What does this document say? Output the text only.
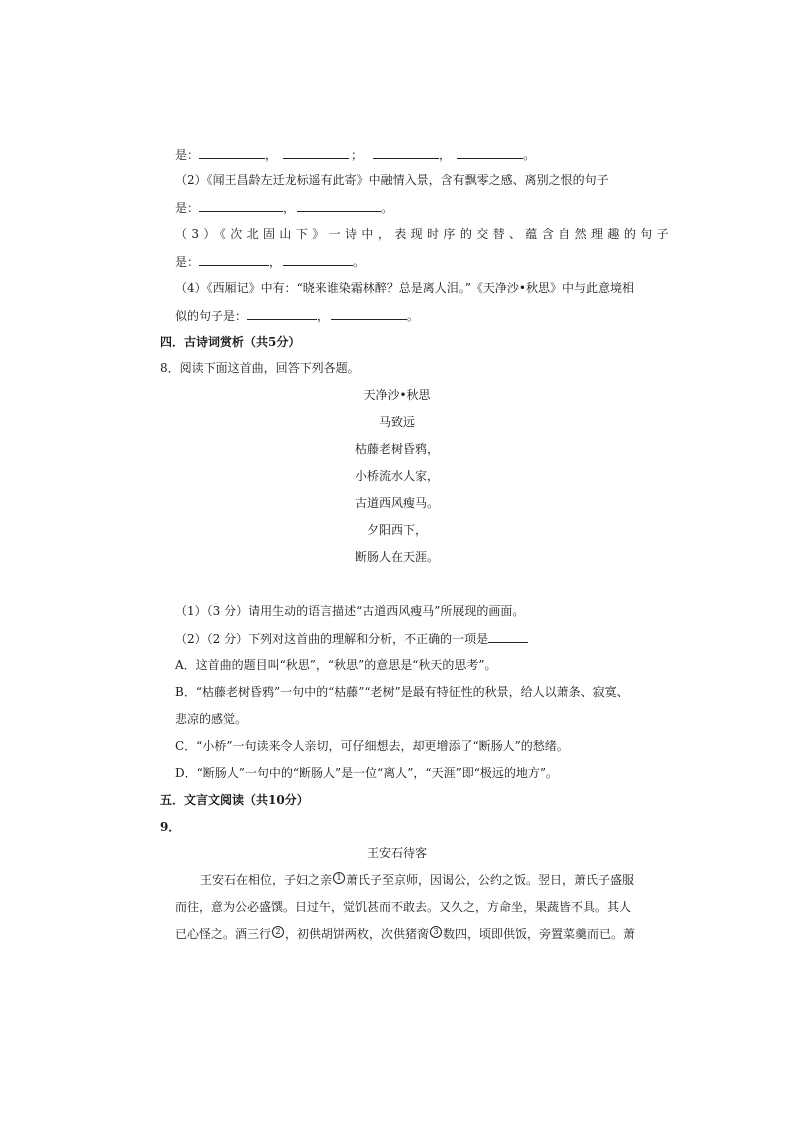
是：	，	；	，	。
（2）《闻王昌龄左迁龙标遥有此寄》中融情入景，含有飘零之感、离别之恨的句子
是：	，	。
（3）《次北固山下》一诗中，表现时序的交替、蕴含自然理趣的句子
是：	，	。
（4）《西厢记》中有：“晓来谁染霜林醉？总是离人泪。”《天净沙•秋思》中与此意境相
似的句子是：	，	。
四．古诗词赏析（共5分）
8．阅读下面这首曲，回答下列各题。
天净沙•秋思
马致远
枯藤老树昏鸦，
小桥流水人家，
古道西风瘦马。
夕阳西下，
断肠人在天涯。
（1）（3 分）请用生动的语言描述“古道西风瘦马”所展现的画面。
（2）（2 分）下列对这首曲的理解和分析，不正确的一项是
A．这首曲的题目叫“秋思”，“秋思”的意思是“秋天的思考”。
B．“枯藤老树昏鸦”一句中的“枯藤”“老树”是最有特征性的秋景，给人以萧条、寂寞、
悲凉的感觉。
C．“小桥”一句读来令人亲切，可仔细想去，却更增添了“断肠人”的愁绪。
D．“断肠人”一句中的“断肠人”是一位“离人”，“天涯”即“极远的地方”。
五．文言文阅读（共10分）
9．
王安石待客
王安石在相位，子妇之亲 1 萧氏子至京师，因谒公，公约之饭。翌日，萧氏子盛服
而往，意为公必盛馔。日过午，觉饥甚而不敢去。又久之，方命坐，果蔬皆不具。其人
已心怪之。酒三行 2 ，初供胡饼两枚，次供猪脔 3 数四，顷即供饭，旁置菜羹而已。萧
